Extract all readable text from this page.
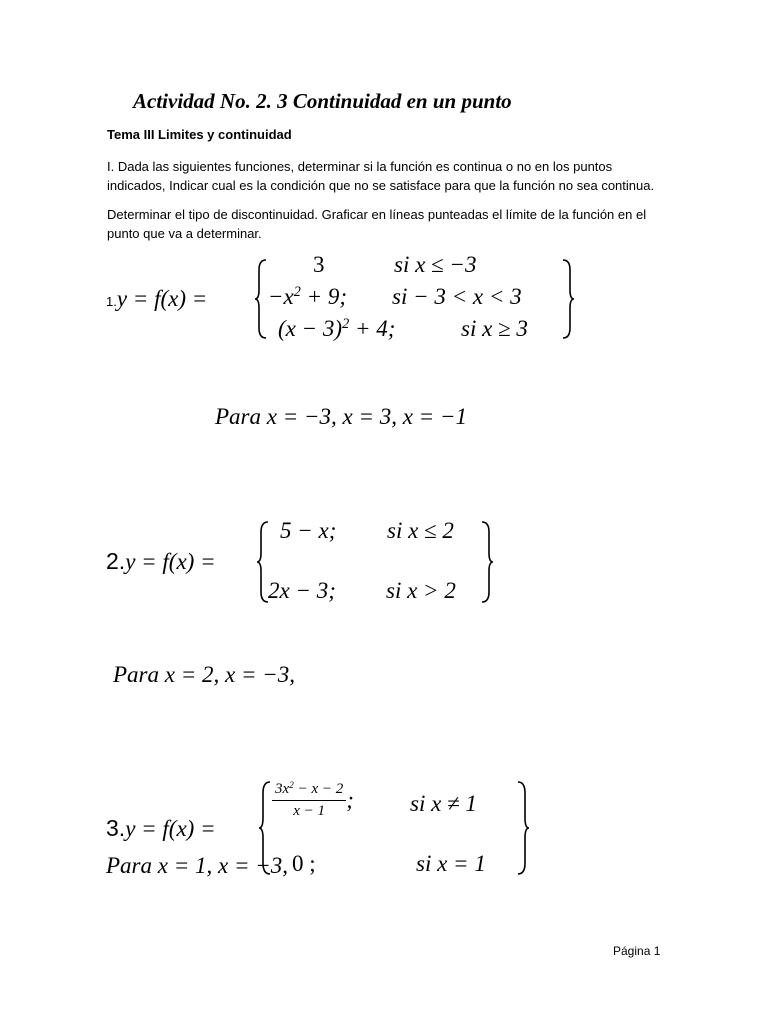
Actividad No. 2. 3 Continuidad en un punto
Tema III Limites y continuidad
I. Dada las siguientes funciones, determinar si la función es continua o no en los puntos indicados, Indicar cual es la condición que no se satisface para que la función no sea continua.
Determinar el tipo de discontinuidad. Graficar en líneas punteadas el límite de la función en el punto que va a determinar.
1.y = f(x) =
3	si x ≤ −3
$-x^2 + 9$; si − 3 < x < 3
$(x - 3)^2 + 4$;	si x ≥ 3
Para x = −3, x = 3, x = −1
2.y = f(x) =
5 − x; si x ≤ 2
2x − 3; si x > 2
Para x = 2, x = −3,
3.y = f(x) =
$\frac{3x^2 - x - 2}{x - 1}$ ; si x ≠ 1
0 ;	si x = 1
Para x = 1, x = −3,
Página 1
